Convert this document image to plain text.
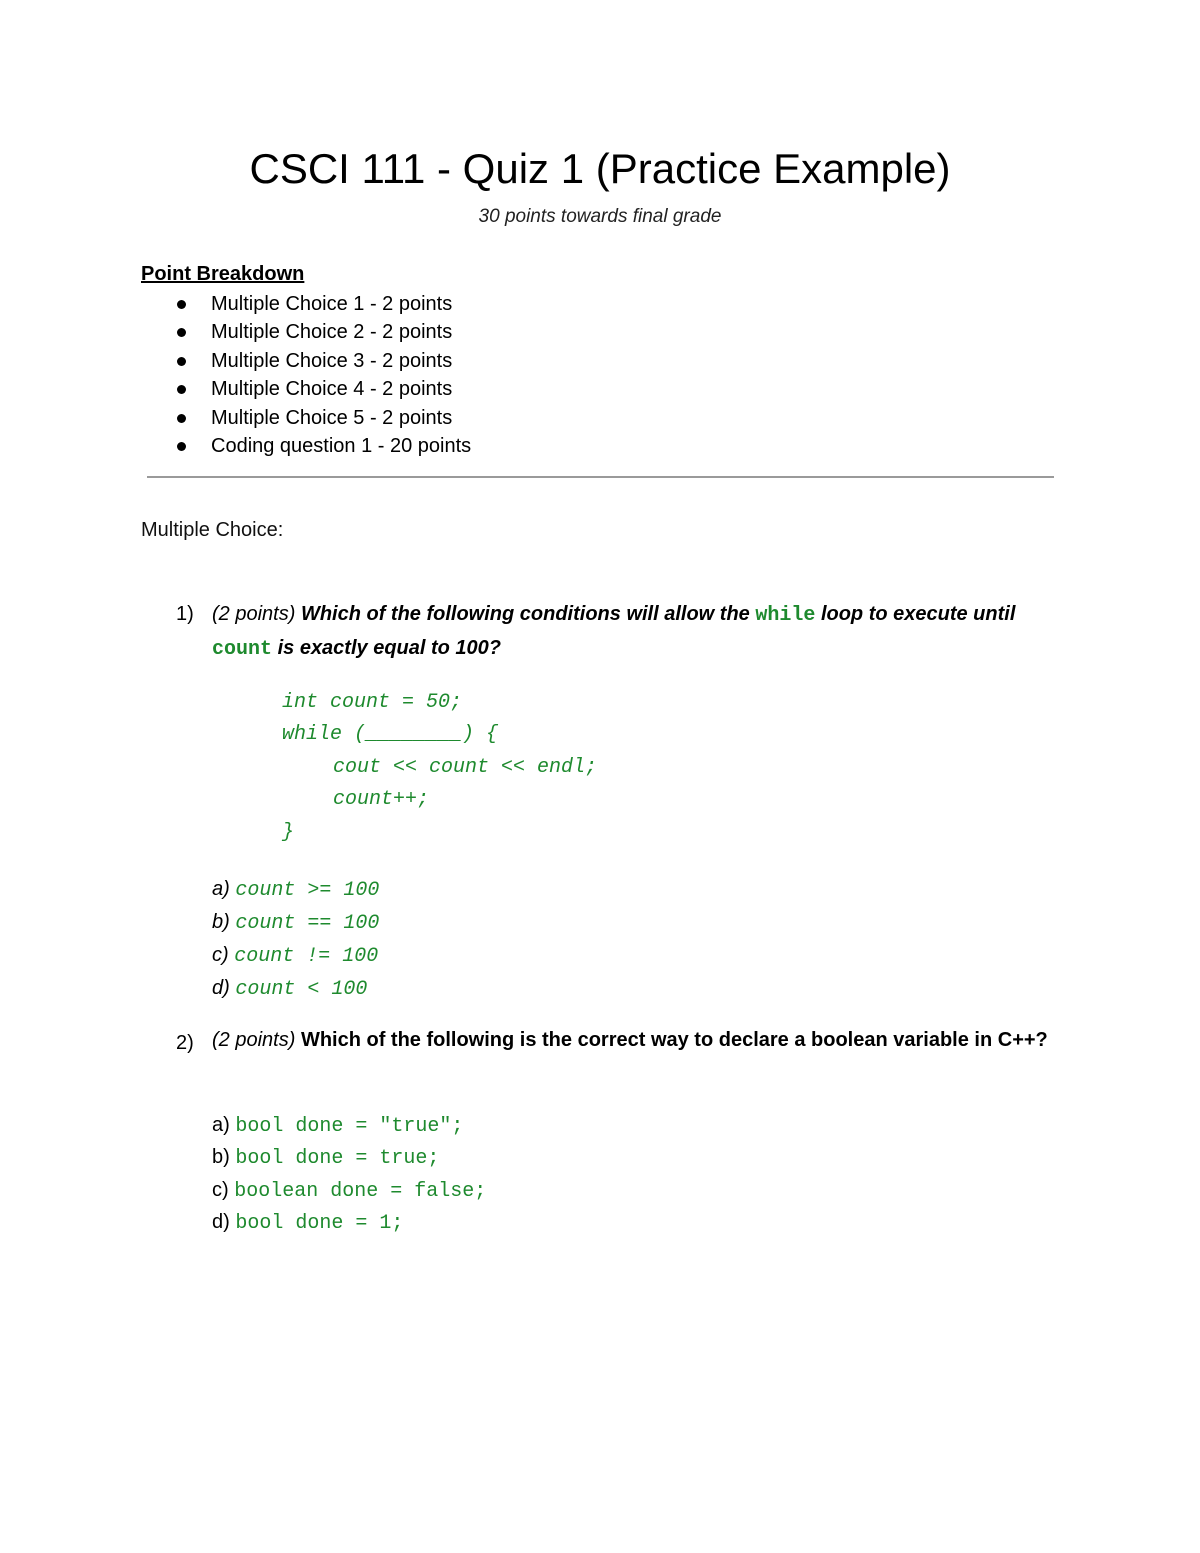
CSCI 111 - Quiz 1 (Practice Example)
30 points towards final grade
Point Breakdown
Multiple Choice 1 - 2 points
Multiple Choice 2 - 2 points
Multiple Choice 3 - 2 points
Multiple Choice 4 - 2 points
Multiple Choice 5 - 2 points
Coding question 1 - 20 points
Multiple Choice:
1) (2 points) Which of the following conditions will allow the while loop to execute until count is exactly equal to 100?
int count = 50;
while (________) {
cout << count << endl;
count++;
}
a) count >= 100
b) count == 100
c) count != 100
d) count < 100
2) (2 points) Which of the following is the correct way to declare a boolean variable in C++?
a) bool done = "true";
b) bool done = true;
c) boolean done = false;
d) bool done = 1;
